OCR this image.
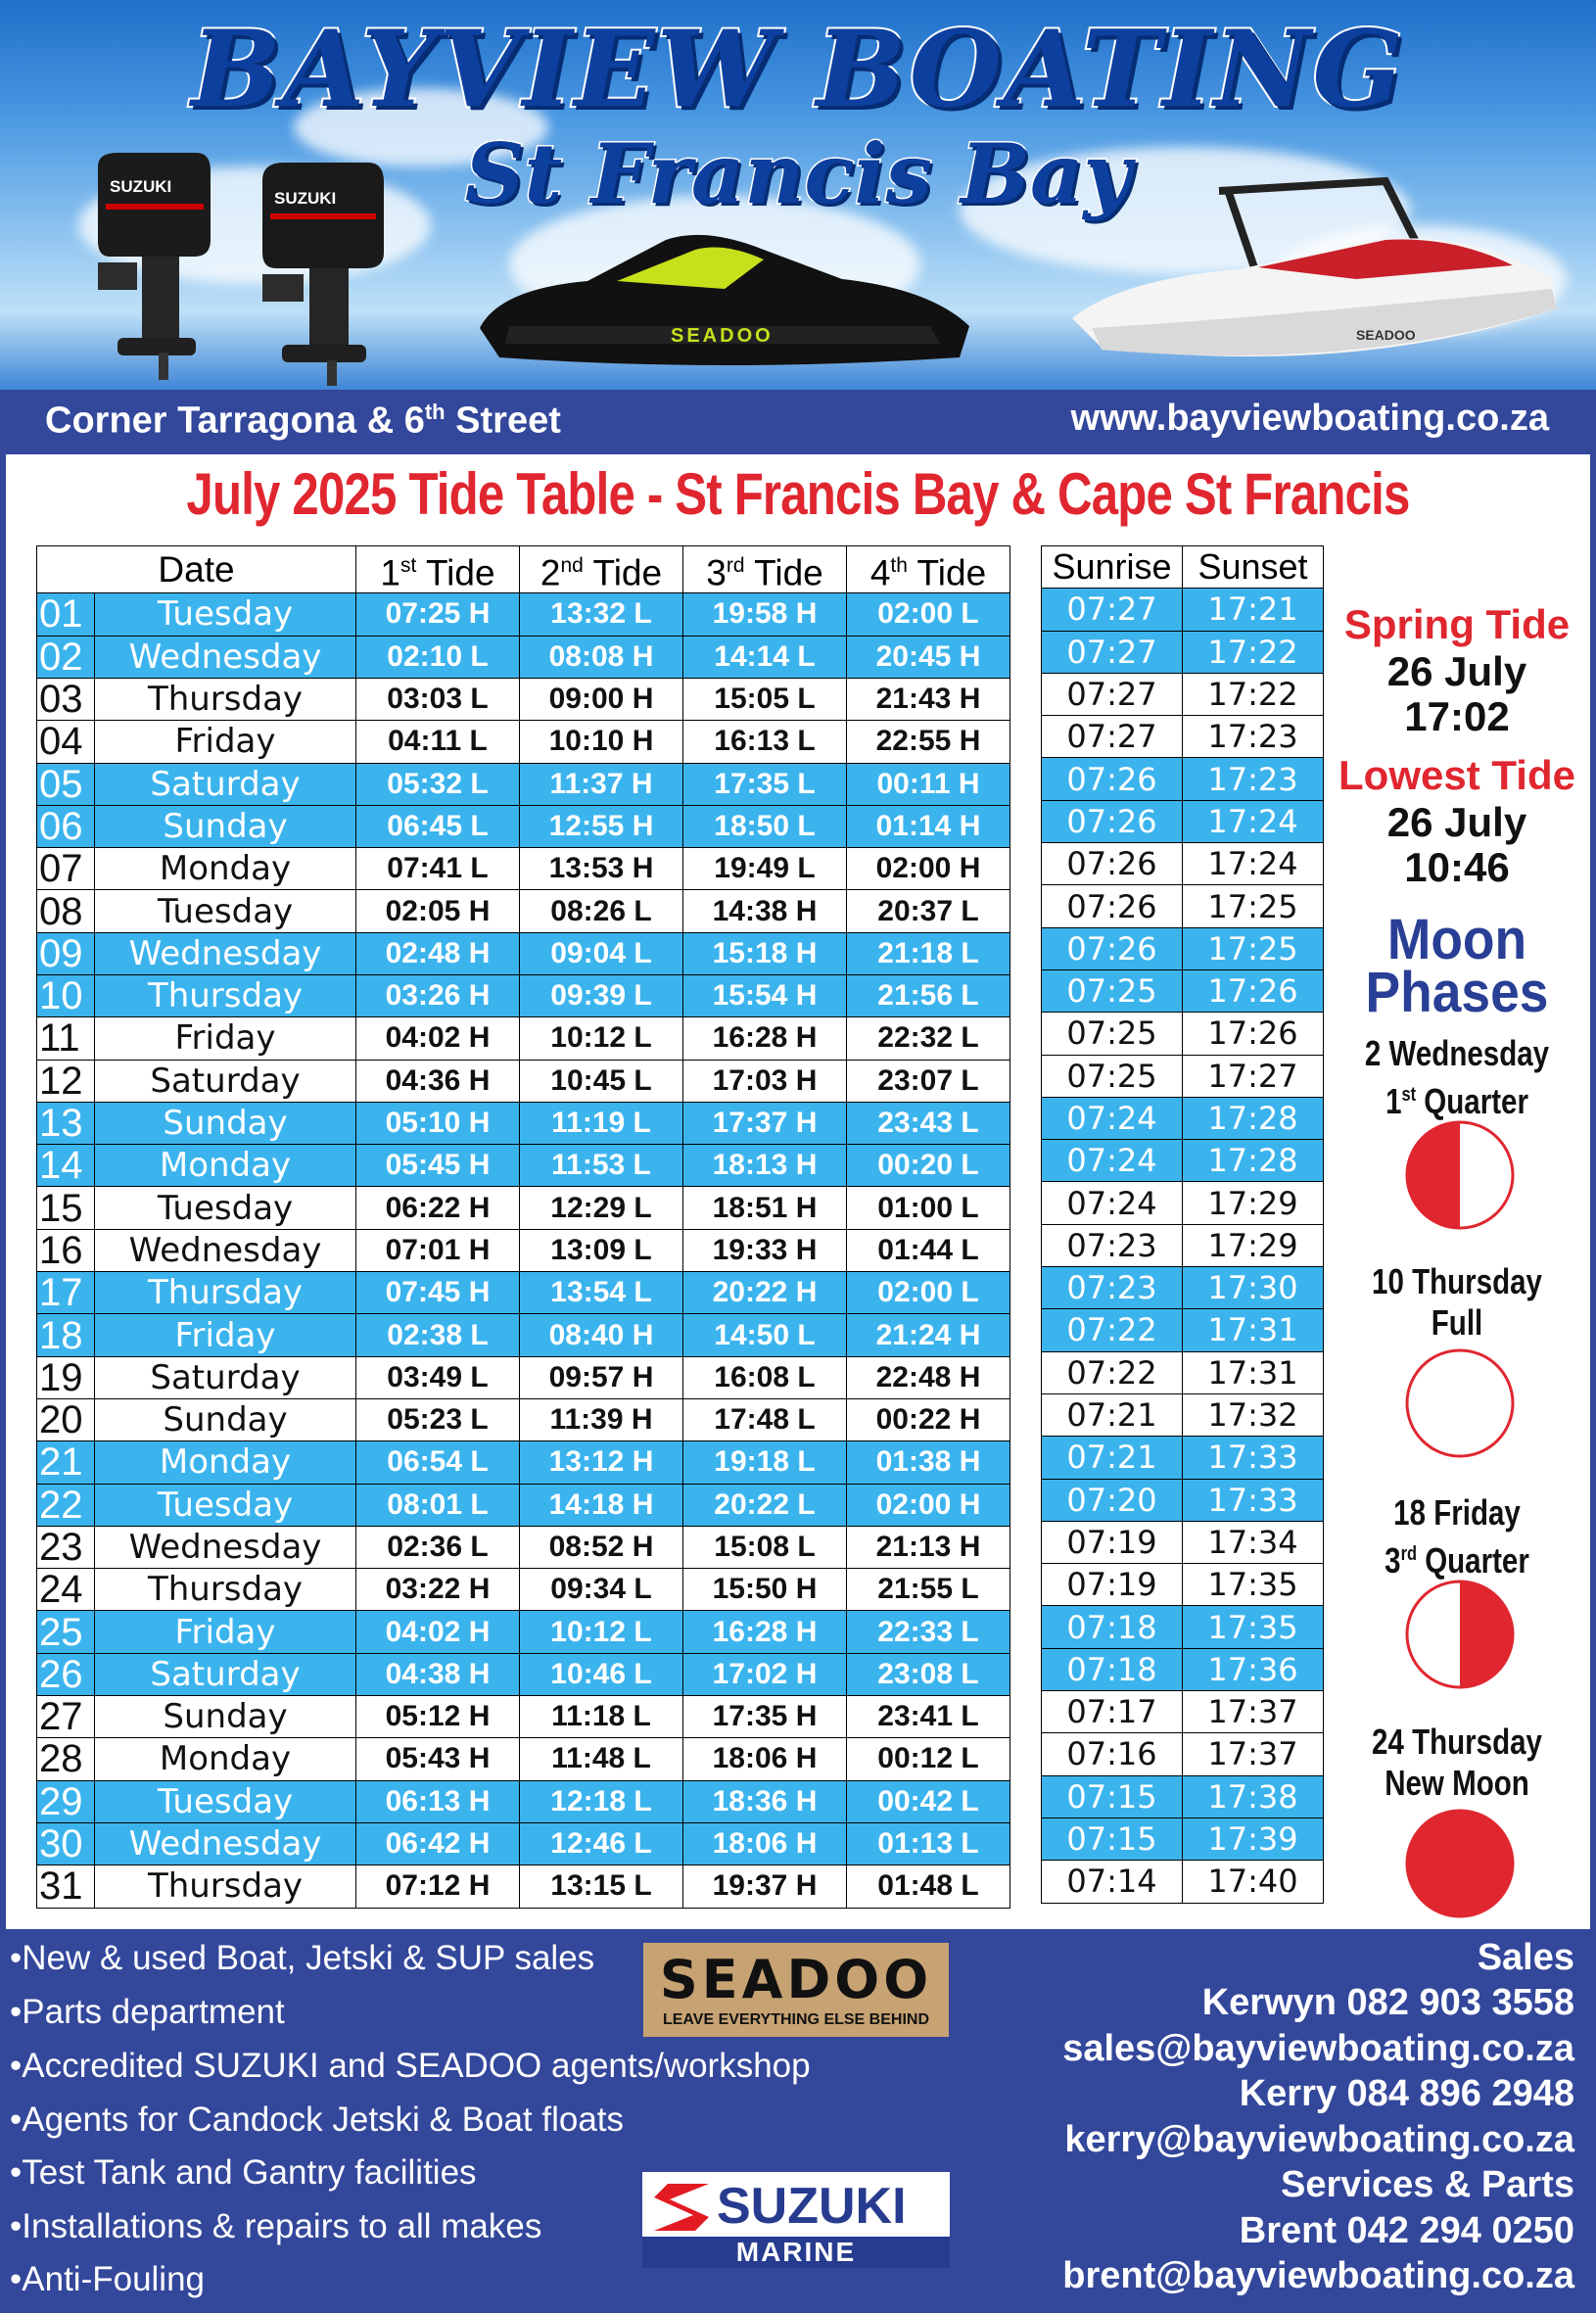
SUZUKI
SUZUKI
SEADOO	SEADOO
BAYVIEW BOATING
St Francis Bay
Corner Tarragona & 6th Street	www.bayviewboating.co.za
July 2025 Tide Table - St Francis Bay & Cape St Francis
Date		1st Tide	2nd Tide	3rd Tide	4th Tide
01	Tuesday	07:25 H	13:32 L	19:58 H	02:00 L
02	Wednesday	02:10 L	08:08 H	14:14 L	20:45 H
03	Thursday	03:03 L	09:00 H	15:05 L	21:43 H
04	Friday	04:11 L	10:10 H	16:13 L	22:55 H
05	Saturday	05:32 L	11:37 H	17:35 L	00:11 H
06	Sunday	06:45 L	12:55 H	18:50 L	01:14 H
07	Monday	07:41 L	13:53 H	19:49 L	02:00 H
08	Tuesday	02:05 H	08:26 L	14:38 H	20:37 L
09	Wednesday	02:48 H	09:04 L	15:18 H	21:18 L
10	Thursday	03:26 H	09:39 L	15:54 H	21:56 L
11	Friday	04:02 H	10:12 L	16:28 H	22:32 L
12	Saturday	04:36 H	10:45 L	17:03 H	23:07 L
13	Sunday	05:10 H	11:19 L	17:37 H	23:43 L
14	Monday	05:45 H	11:53 L	18:13 H	00:20 L
15	Tuesday	06:22 H	12:29 L	18:51 H	01:00 L
16	Wednesday	07:01 H	13:09 L	19:33 H	01:44 L
17	Thursday	07:45 H	13:54 L	20:22 H	02:00 L
18	Friday	02:38 L	08:40 H	14:50 L	21:24 H
19	Saturday	03:49 L	09:57 H	16:08 L	22:48 H
20	Sunday	05:23 L	11:39 H	17:48 L	00:22 H
21	Monday	06:54 L	13:12 H	19:18 L	01:38 H
22	Tuesday	08:01 L	14:18 H	20:22 L	02:00 H
23	Wednesday	02:36 L	08:52 H	15:08 L	21:13 H
24	Thursday	03:22 H	09:34 L	15:50 H	21:55 L
25	Friday	04:02 H	10:12 L	16:28 H	22:33 L
26	Saturday	04:38 H	10:46 L	17:02 H	23:08 L
27	Sunday	05:12 H	11:18 L	17:35 H	23:41 L
28	Monday	05:43 H	11:48 L	18:06 H	00:12 L
29	Tuesday	06:13 H	12:18 L	18:36 H	00:42 L
30	Wednesday	06:42 H	12:46 L	18:06 H	01:13 L
31	Thursday	07:12 H	13:15 L	19:37 H	01:48 L
Sunrise	Sunset
07:27	17:21
07:27	17:22
07:27	17:22
07:27	17:23
07:26	17:23
07:26	17:24
07:26	17:24
07:26	17:25
07:26	17:25
07:25	17:26
07:25	17:26
07:25	17:27
07:24	17:28
07:24	17:28
07:24	17:29
07:23	17:29
07:23	17:30
07:22	17:31
07:22	17:31
07:21	17:32
07:21	17:33
07:20	17:33
07:19	17:34
07:19	17:35
07:18	17:35
07:18	17:36
07:17	17:37
07:16	17:37
07:15	17:38
07:15	17:39
07:14	17:40
Spring Tide
26 July
17:02
Lowest Tide
26 July
10:46
Moon
Phases
2 Wednesday
1st Quarter
10 Thursday
Full
18 Friday
3rd Quarter
24 Thursday
New Moon
•New & used Boat, Jetski & SUP sales
•Parts department
•Accredited SUZUKI and SEADOO agents/workshop
•Agents for Candock Jetski & Boat floats
•Test Tank and Gantry facilities
•Installations & repairs to all makes
•Anti-Fouling
SEADOO
LEAVE EVERYTHING ELSE BEHIND
SUZUKI
MARINE
Sales
Kerwyn 082 903 3558
sales@bayviewboating.co.za
Kerry 084 896 2948
kerry@bayviewboating.co.za
Services & Parts
Brent 042 294 0250
brent@bayviewboating.co.za
